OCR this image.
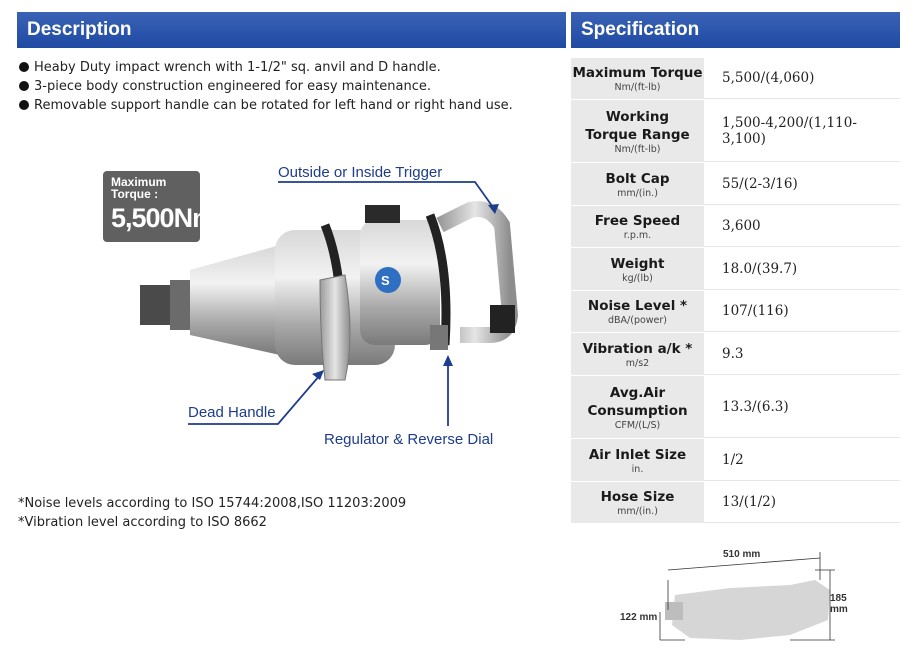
Description	Specification
Heaby Duty impact wrench with 1-1/2" sq. anvil and D handle.
3-piece body construction engineered for easy maintenance.
Removable support handle can be rotated for left hand or right hand use.
Maximum
Torque :
5,500Nm
S
Outside or Inside Trigger
Dead Handle
Regulator & Reverse Dial
*Noise levels according to ISO 15744:2008,ISO 11203:2009
*Vibration level according to ISO 8662
Maximum Torque
Nm/(ft-lb)
5,500/(4,060)
Working Torque Range
Nm/(ft-lb)
1,500-4,200/(1,110-3,100)
Bolt Cap
mm/(in.)
55/(2-3/16)
Free Speed
r.p.m.
3,600
Weight
kg/(lb)
18.0/(39.7)
Noise Level *
dBA/(power)
107/(116)
Vibration a/k *
m/s2
9.3
Avg.Air Consumption
CFM/(L/S)
13.3/(6.3)
Air Inlet Size
in.
1/2
Hose Size
mm/(in.)
13/(1/2)
510 mm
185
mm
122 mm
